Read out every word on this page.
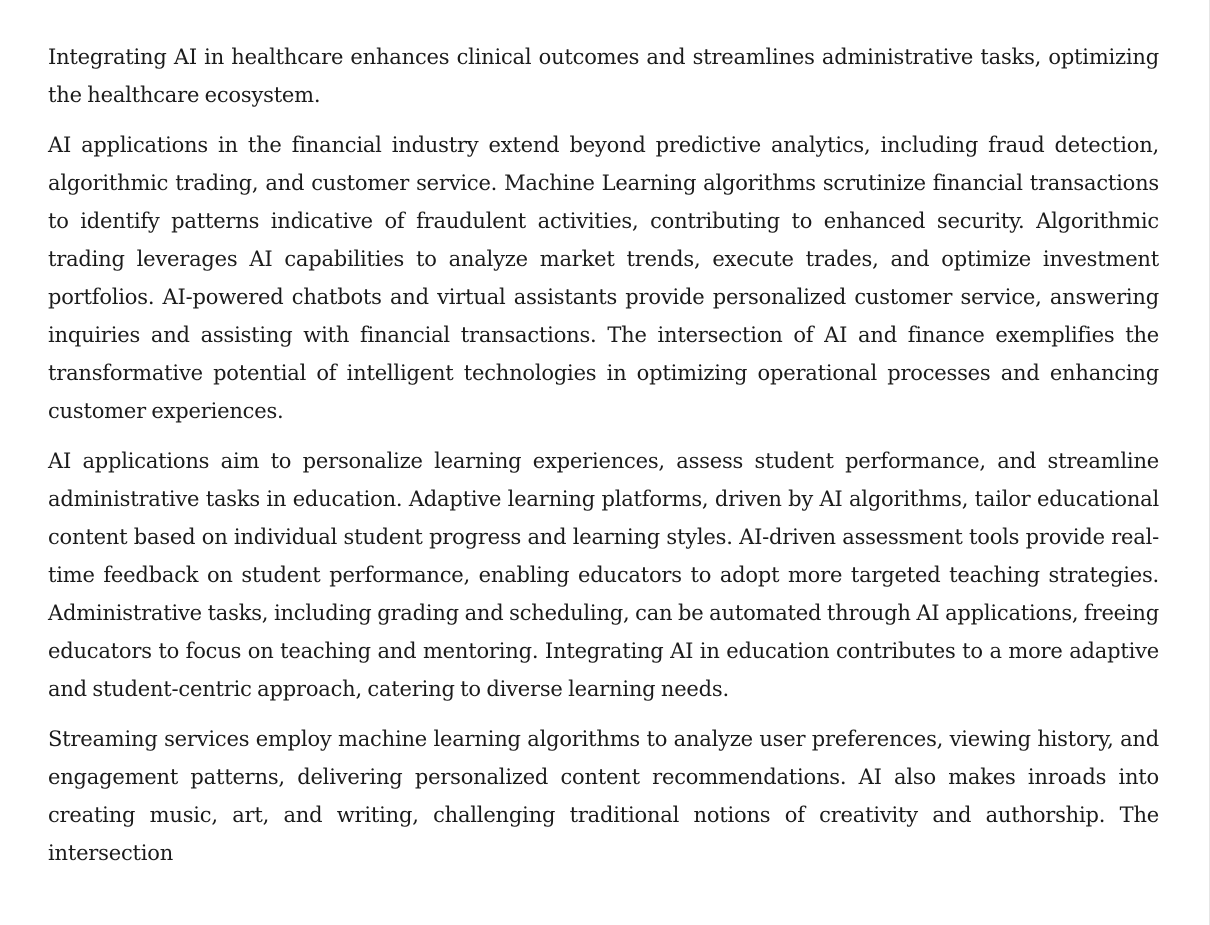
Integrating AI in healthcare enhances clinical outcomes and streamlines administrative tasks, optimizing the healthcare ecosystem.

AI applications in the financial industry extend beyond predictive analytics, including fraud detection, algorithmic trading, and customer service. Machine Learning algorithms scrutinize financial transactions to identify patterns indicative of fraudulent activities, contributing to enhanced security. Algorithmic trading leverages AI capabilities to analyze market trends, execute trades, and optimize investment portfolios. AI-powered chatbots and virtual assistants provide personalized customer service, answering inquiries and assisting with financial transactions. The intersection of AI and finance exemplifies the transformative potential of intelligent technologies in optimizing operational processes and enhancing customer experiences.

AI applications aim to personalize learning experiences, assess student performance, and streamline administrative tasks in education. Adaptive learning platforms, driven by AI algorithms, tailor educational content based on individual student progress and learning styles. AI-driven assessment tools provide real-time feedback on student performance, enabling educators to adopt more targeted teaching strategies. Administrative tasks, including grading and scheduling, can be automated through AI applications, freeing educators to focus on teaching and mentoring. Integrating AI in education contributes to a more adaptive and student-centric approach, catering to diverse learning needs.

Streaming services employ machine learning algorithms to analyze user preferences, viewing history, and engagement patterns, delivering personalized content recommendations. AI also makes inroads into creating music, art, and writing, challenging traditional notions of creativity and authorship. The intersection
